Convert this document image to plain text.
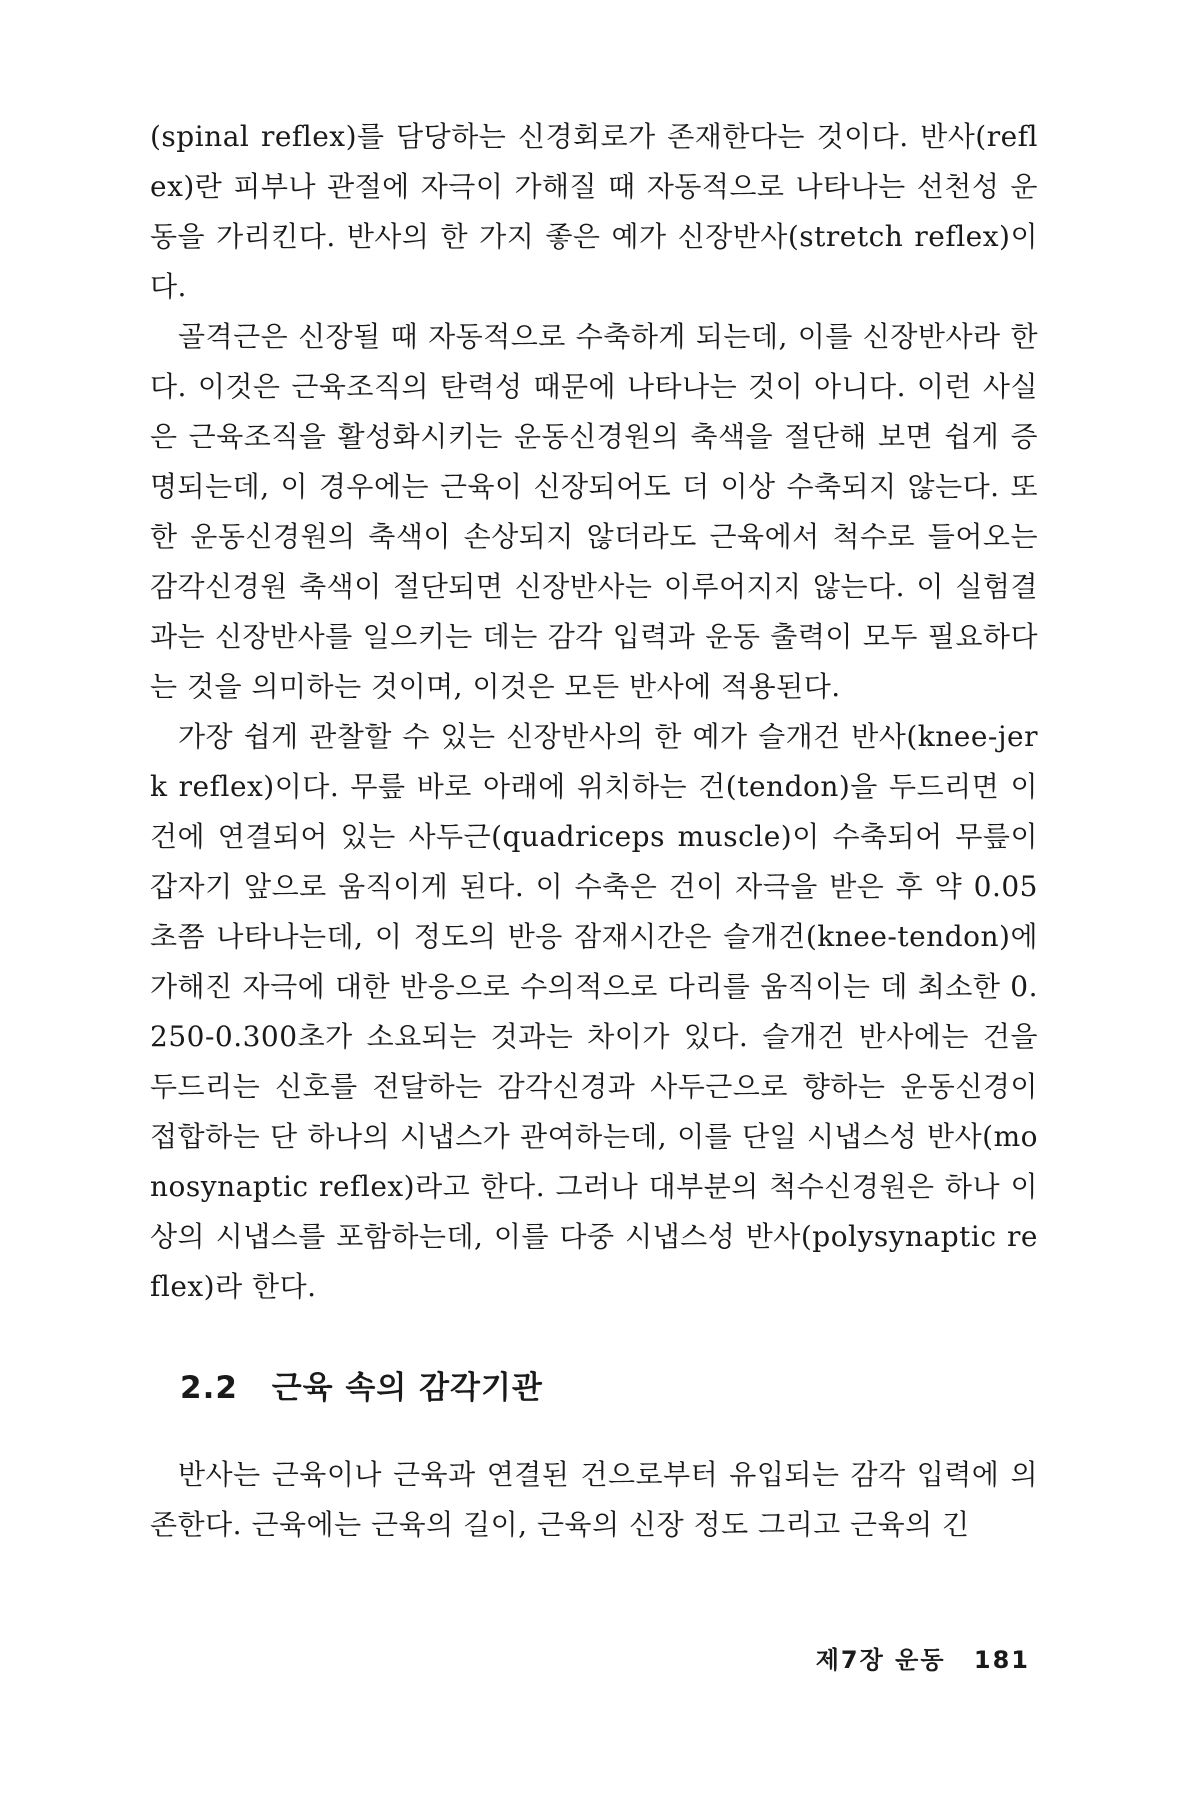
(spinal reflex)를 담당하는 신경회로가 존재한다는 것이다. 반사(reflex)란 피부나 관절에 자극이 가해질 때 자동적으로 나타나는 선천성 운동을 가리킨다. 반사의 한 가지 좋은 예가 신장반사(stretch reflex)이다.

골격근은 신장될 때 자동적으로 수축하게 되는데, 이를 신장반사라 한다. 이것은 근육조직의 탄력성 때문에 나타나는 것이 아니다. 이런 사실은 근육조직을 활성화시키는 운동신경원의 축색을 절단해 보면 쉽게 증명되는데, 이 경우에는 근육이 신장되어도 더 이상 수축되지 않는다. 또한 운동신경원의 축색이 손상되지 않더라도 근육에서 척수로 들어오는 감각신경원 축색이 절단되면 신장반사는 이루어지지 않는다. 이 실험결과는 신장반사를 일으키는 데는 감각 입력과 운동 출력이 모두 필요하다는 것을 의미하는 것이며, 이것은 모든 반사에 적용된다.

가장 쉽게 관찰할 수 있는 신장반사의 한 예가 슬개건 반사(knee-jerk reflex)이다. 무릎 바로 아래에 위치하는 건(tendon)을 두드리면 이 건에 연결되어 있는 사두근(quadriceps muscle)이 수축되어 무릎이 갑자기 앞으로 움직이게 된다. 이 수축은 건이 자극을 받은 후 약 0.05초쯤 나타나는데, 이 정도의 반응 잠재시간은 슬개건(knee-tendon)에 가해진 자극에 대한 반응으로 수의적으로 다리를 움직이는 데 최소한 0.250-0.300초가 소요되는 것과는 차이가 있다. 슬개건 반사에는 건을 두드리는 신호를 전달하는 감각신경과 사두근으로 향하는 운동신경이 접합하는 단 하나의 시냅스가 관여하는데, 이를 단일 시냅스성 반사(monosynaptic reflex)라고 한다. 그러나 대부분의 척수신경원은 하나 이상의 시냅스를 포함하는데, 이를 다중 시냅스성 반사(polysynaptic reflex)라 한다.

2.2 근육 속의 감각기관

반사는 근육이나 근육과 연결된 건으로부터 유입되는 감각 입력에 의존한다. 근육에는 근육의 길이, 근육의 신장 정도 그리고 근육의 긴

제7장 운동 181
